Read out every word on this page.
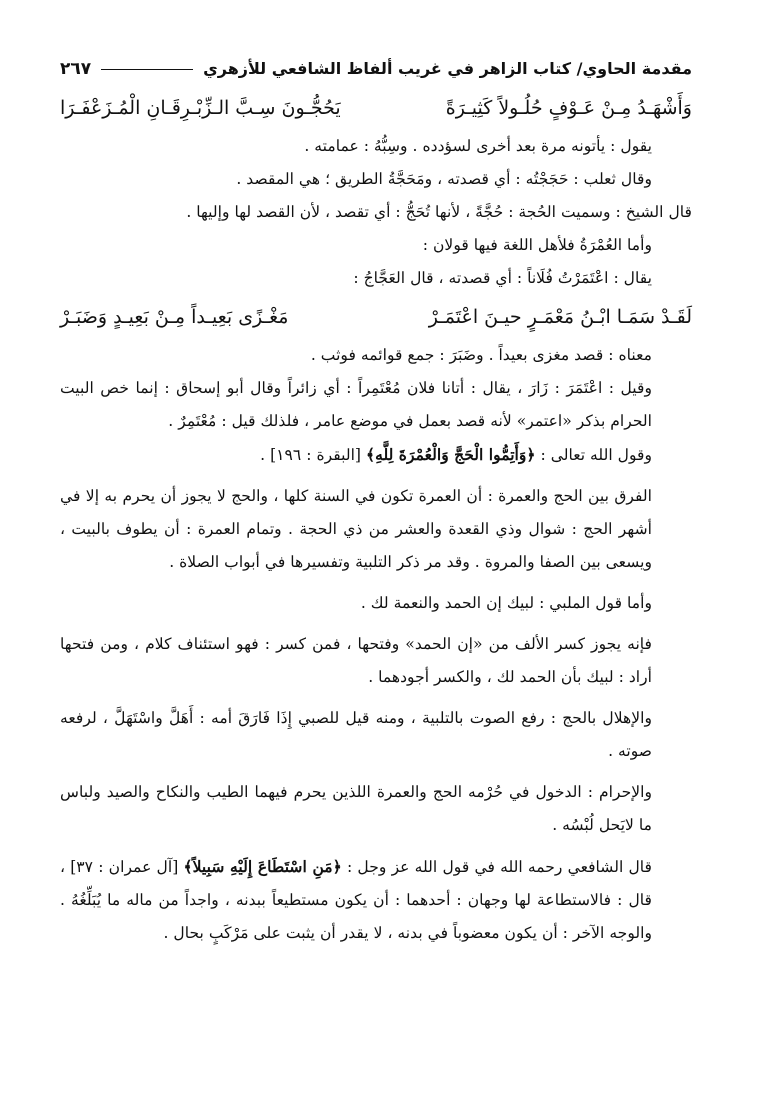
مقدمة الحاوي/ كتاب الزاهر في غريب ألفاظ الشافعي للأزهري
٢٦٧
وَأَشْهَـدُ مِـنْ عَـوْفٍ حُلُـولاً كَثِيـرَةً
يَحُجُّـونَ سِـبَّ الـزِّبْـرِقَـانِ الْمُـزَعْفَـرَا

يقول : يأتونه مرة بعد أخرى لسؤدده . وسِبُّهُ : عمامته .

وقال ثعلب : حَجَجْتُه : أي قصدته ، ومَحَجَّةُ الطريق ؛ هي المقصد .

قال الشيخ : وسميت الحُجة : حُجَّةً ، لأنها تُحَجُّ : أي تقصد ، لأن القصد لها وإليها .

وأما العُمْرَةُ فلأهل اللغة فيها قولان :

يقال : اعْتَمَرْتُ فُلَاناً : أي قصدته ، قال العَجَّاجُ :

لَقَـدْ سَمَـا ابْـنُ مَعْمَـرٍ حيـنَ اعْتَمَـرْ
مَغْـزًى بَعِيـداً مِـنْ بَعِيـدٍ وَضَبَـرْ

معناه : قصد مغزى بعيداً . وضَبَرَ : جمع قوائمه فوثب .

وقيل : اعْتَمَرَ : زَارَ ، يقال : أتانا فلان مُعْتَمِراً : أي زائراً وقال أبو إسحاق : إنما خص البيت الحرام بذكر «اعتمر» لأنه قصد بعمل في موضع عامر ، فلذلك قيل : مُعْتَمِرٌ .

وقول الله تعالى : ﴿وَأَتِمُّوا الْحَجَّ وَالْعُمْرَةَ لِلَّهِ﴾ [البقرة : ١٩٦] .

الفرق بين الحج والعمرة : أن العمرة تكون في السنة كلها ، والحج لا يجوز أن يحرم به إلا في أشهر الحج : شوال وذي القعدة والعشر من ذي الحجة . وتمام العمرة : أن يطوف بالبيت ، ويسعى بين الصفا والمروة . وقد مر ذكر التلبية وتفسيرها في أبواب الصلاة .

وأما قول الملبي : لبيك إن الحمد والنعمة لك .

فإنه يجوز كسر الألف من «إن الحمد» وفتحها ، فمن كسر : فهو استئناف كلام ، ومن فتحها أراد : لبيك بأن الحمد لك ، والكسر أجودهما .

والإهلال بالحج : رفع الصوت بالتلبية ، ومنه قيل للصبي إِذَا فَارَقَ أمه : أَهَلَّ واسْتَهَلَّ ، لرفعه صوته .

والإحرام : الدخول في حُرْمه الحج والعمرة اللذين يحرم فيهما الطيب والنكاح والصيد ولباس ما لايَحل لُبْسُه .

قال الشافعي رحمه الله في قول الله عز وجل : ﴿مَنِ اسْتَطَاعَ إِلَيْهِ سَبِيلاً﴾ [آل عمران : ٣٧] ، قال : فالاستطاعة لها وجهان : أحدهما : أن يكون مستطيعاً ببدنه ، واجداً من ماله ما يُبَلِّغُهُ . والوجه الآخر : أن يكون معضوباً في بدنه ، لا يقدر أن يثبت على مَرْكَبٍ بحال .
